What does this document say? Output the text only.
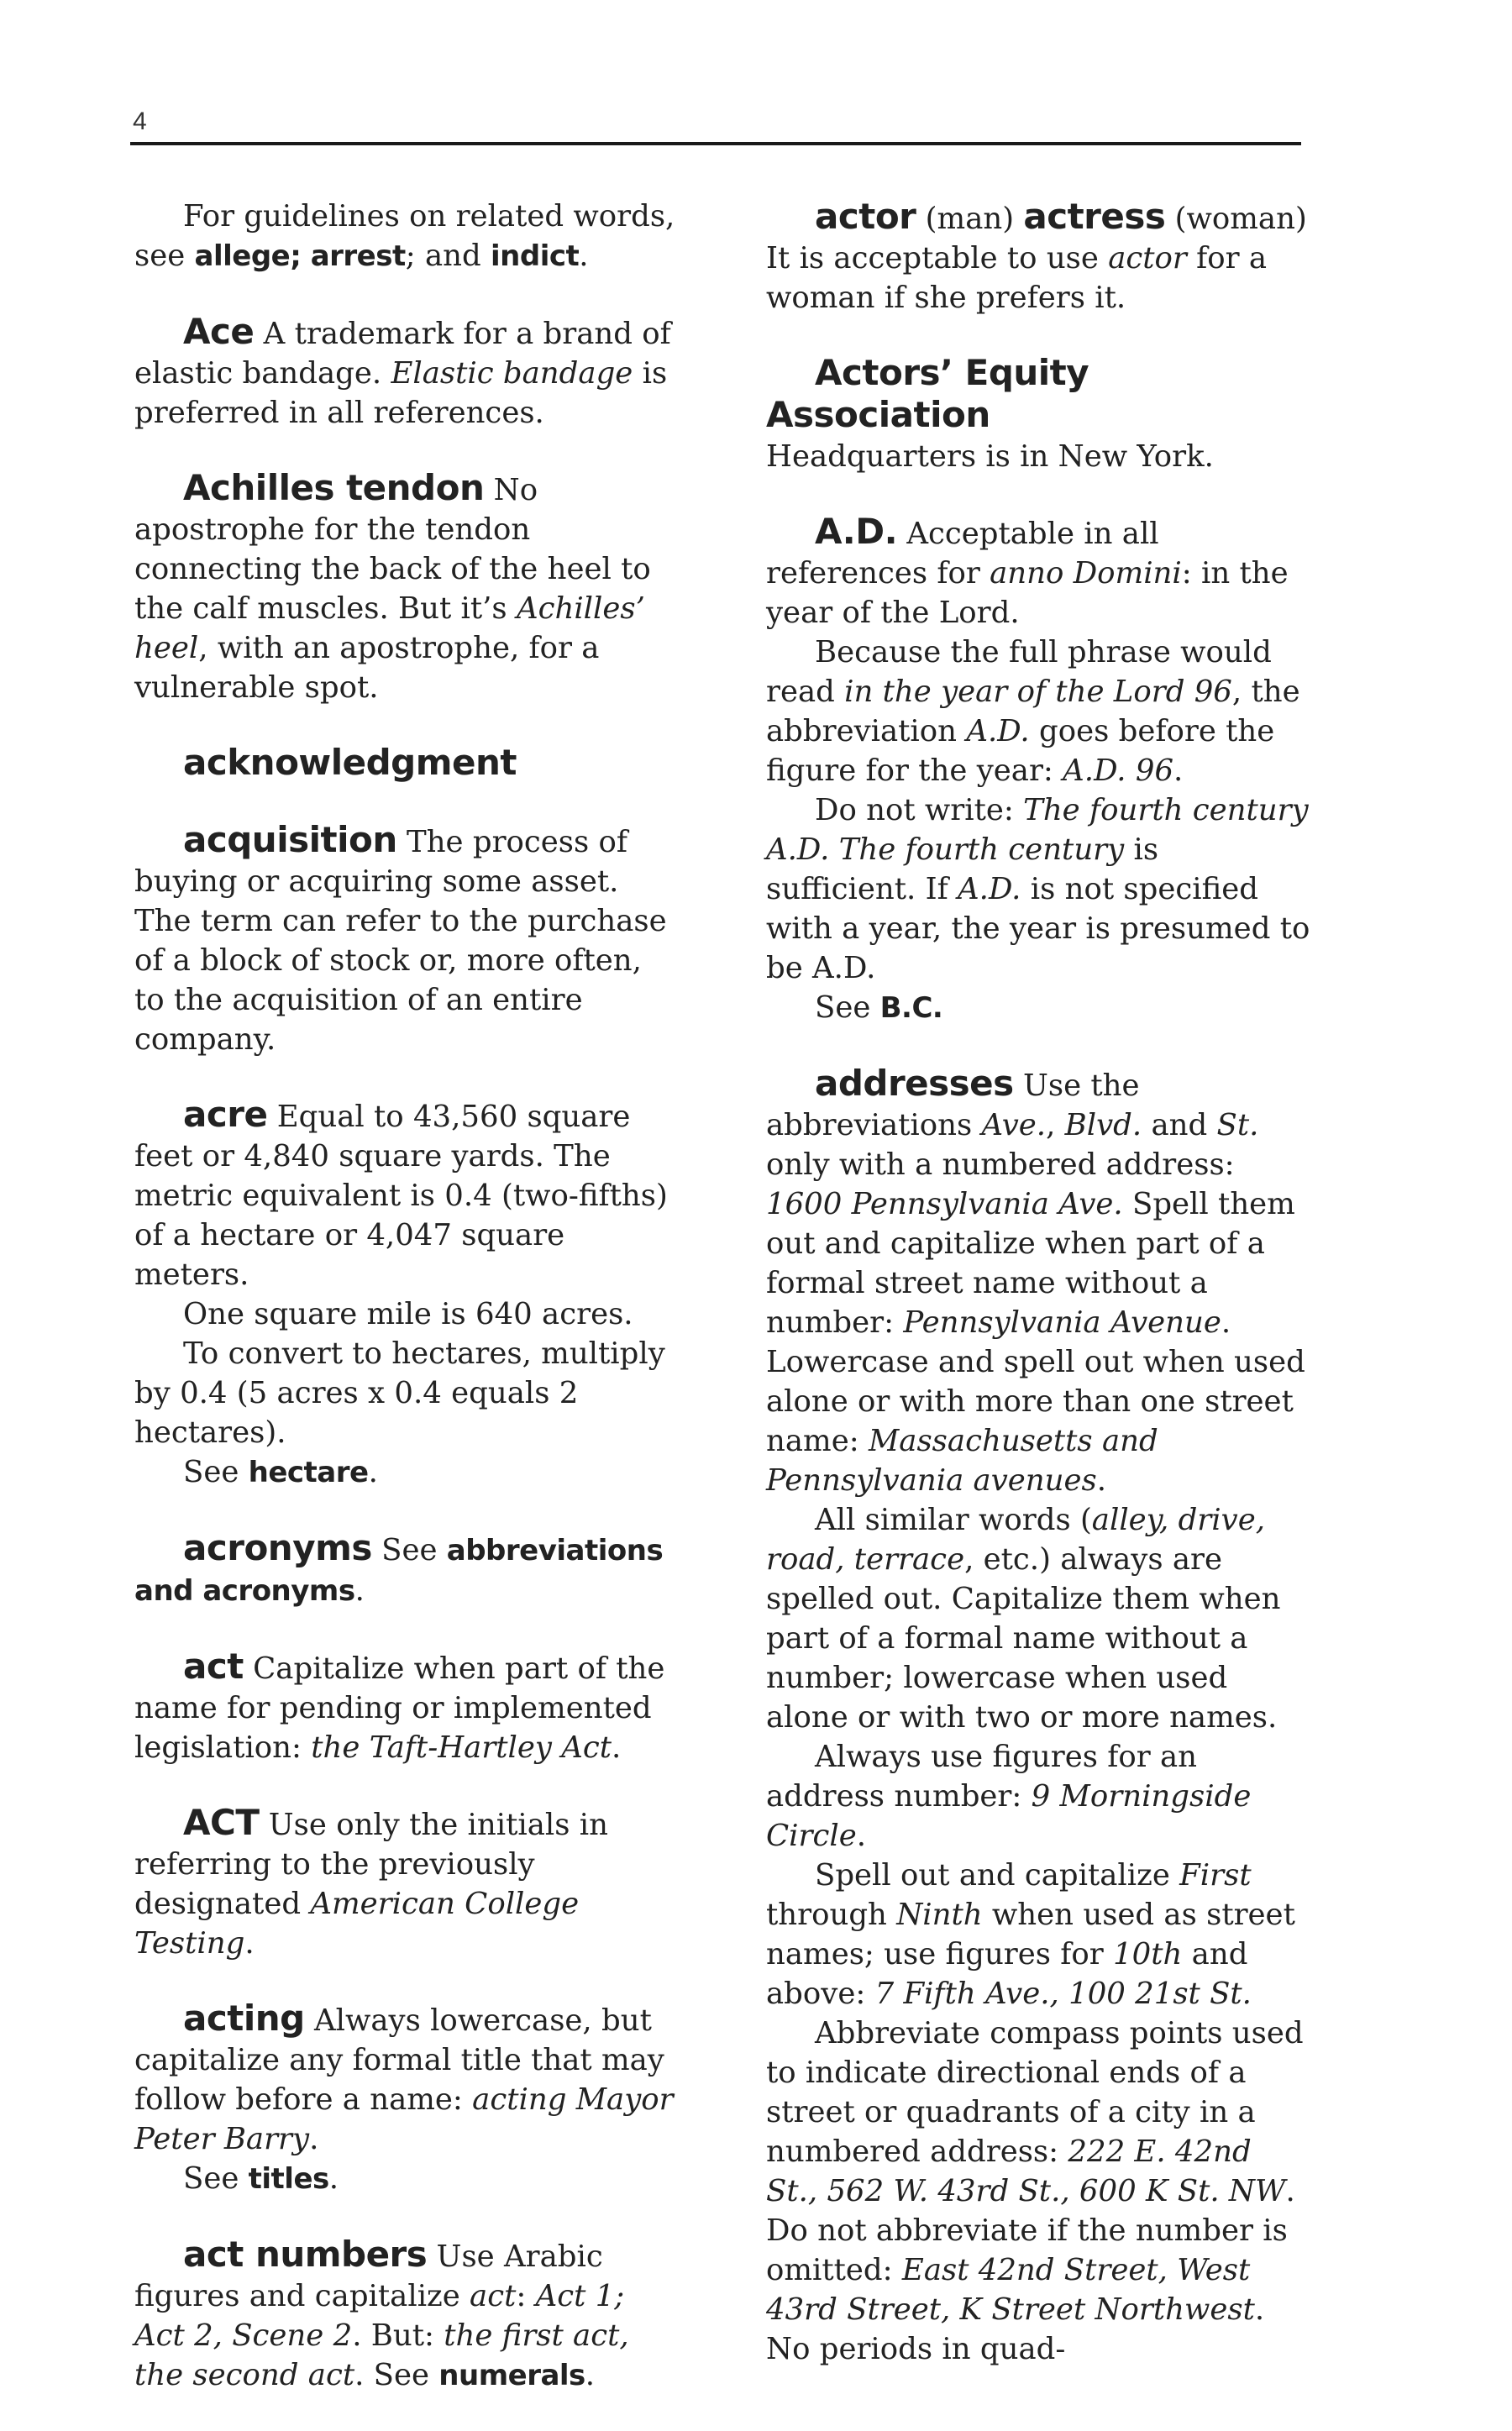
4

For guidelines on related words, see allege; arrest; and indict.

Ace A trademark for a brand of elastic bandage. Elastic bandage is preferred in all references.

Achilles tendon No apostrophe for the tendon connecting the back of the heel to the calf muscles. But it’s Achilles’ heel, with an apostrophe, for a vulnerable spot.

acknowledgment

acquisition The process of buying or acquiring some asset. The term can refer to the purchase of a block of stock or, more often, to the acquisition of an entire company.

acre Equal to 43,560 square feet or 4,840 square yards. The metric equivalent is 0.4 (two-fifths) of a hectare or 4,047 square meters.

One square mile is 640 acres.

To convert to hectares, multiply by 0.4 (5 acres x 0.4 equals 2 hectares).

See hectare.

acronyms See abbreviations and acronyms.

act Capitalize when part of the name for pending or implemented legislation: the Taft-Hartley Act.

ACT Use only the initials in referring to the previously designated American College Testing.

acting Always lowercase, but capitalize any formal title that may follow before a name: acting Mayor Peter Barry.

See titles.

act numbers Use Arabic figures and capitalize act: Act 1; Act 2, Scene 2. But: the first act, the second act. See numerals.

actor (man) actress (woman)

It is acceptable to use actor for a woman if she prefers it.

Actors’ Equity Association

Headquarters is in New York.

A.D. Acceptable in all references for anno Domini: in the year of the Lord.

Because the full phrase would read in the year of the Lord 96, the abbreviation A.D. goes before the figure for the year: A.D. 96.

Do not write: The fourth century A.D. The fourth century is sufficient. If A.D. is not specified with a year, the year is presumed to be A.D.

See B.C.

addresses Use the abbreviations Ave., Blvd. and St. only with a numbered address: 1600 Pennsylvania Ave. Spell them out and capitalize when part of a formal street name without a number: Pennsylvania Avenue. Lowercase and spell out when used alone or with more than one street name: Massachusetts and Pennsylvania avenues.

All similar words (alley, drive, road, terrace, etc.) always are spelled out. Capitalize them when part of a formal name without a number; lowercase when used alone or with two or more names.

Always use figures for an address number: 9 Morningside Circle.

Spell out and capitalize First through Ninth when used as street names; use figures for 10th and above: 7 Fifth Ave., 100 21st St.

Abbreviate compass points used to indicate directional ends of a street or quadrants of a city in a numbered address: 222 E. 42nd St., 562 W. 43rd St., 600 K St. NW. Do not abbreviate if the number is omitted: East 42nd Street, West 43rd Street, K Street Northwest. No periods in quad-
